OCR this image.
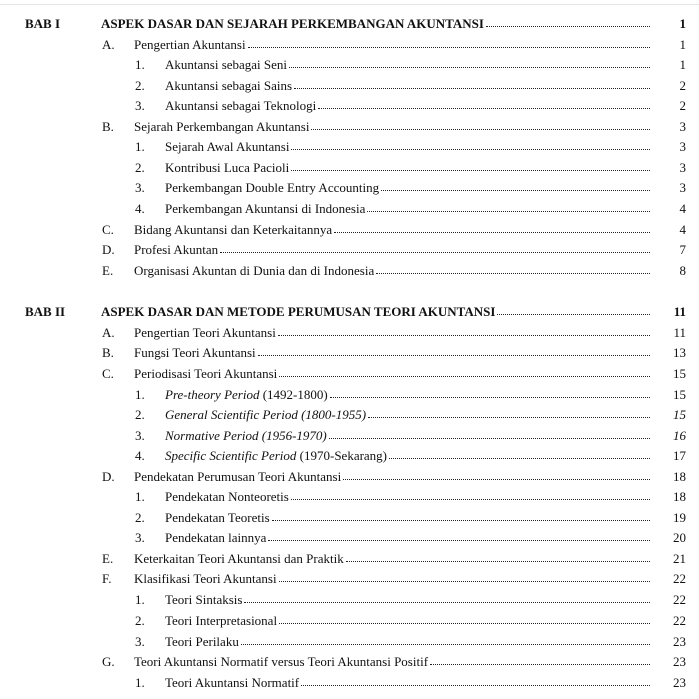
BAB I	ASPEK DASAR DAN SEJARAH PERKEMBANGAN AKUNTANSI	1
A. Pengertian Akuntansi	1
1. Akuntansi sebagai Seni	1
2. Akuntansi sebagai Sains	2
3. Akuntansi sebagai Teknologi	2
B. Sejarah Perkembangan Akuntansi	3
1. Sejarah Awal Akuntansi	3
2. Kontribusi Luca Pacioli	3
3. Perkembangan Double Entry Accounting	3
4. Perkembangan Akuntansi di Indonesia	4
C. Bidang Akuntansi dan Keterkaitannya	4
D. Profesi Akuntan	7
E. Organisasi Akuntan di Dunia dan di Indonesia	8
BAB II	ASPEK DASAR DAN METODE PERUMUSAN TEORI AKUNTANSI	11
A. Pengertian Teori Akuntansi	11
B. Fungsi Teori Akuntansi	13
C. Periodisasi Teori Akuntansi	15
1. Pre-theory Period (1492-1800)	15
2. General Scientific Period (1800-1955)	15
3. Normative Period (1956-1970)	16
4. Specific Scientific Period (1970-Sekarang)	17
D. Pendekatan Perumusan Teori Akuntansi	18
1. Pendekatan Nonteoretis	18
2. Pendekatan Teoretis	19
3. Pendekatan lainnya	20
E. Keterkaitan Teori Akuntansi dan Praktik	21
F. Klasifikasi Teori Akuntansi	22
1. Teori Sintaksis	22
2. Teori Interpretasional	22
3. Teori Perilaku	23
G. Teori Akuntansi Normatif versus Teori Akuntansi Positif	23
1. Teori Akuntansi Normatif	23
